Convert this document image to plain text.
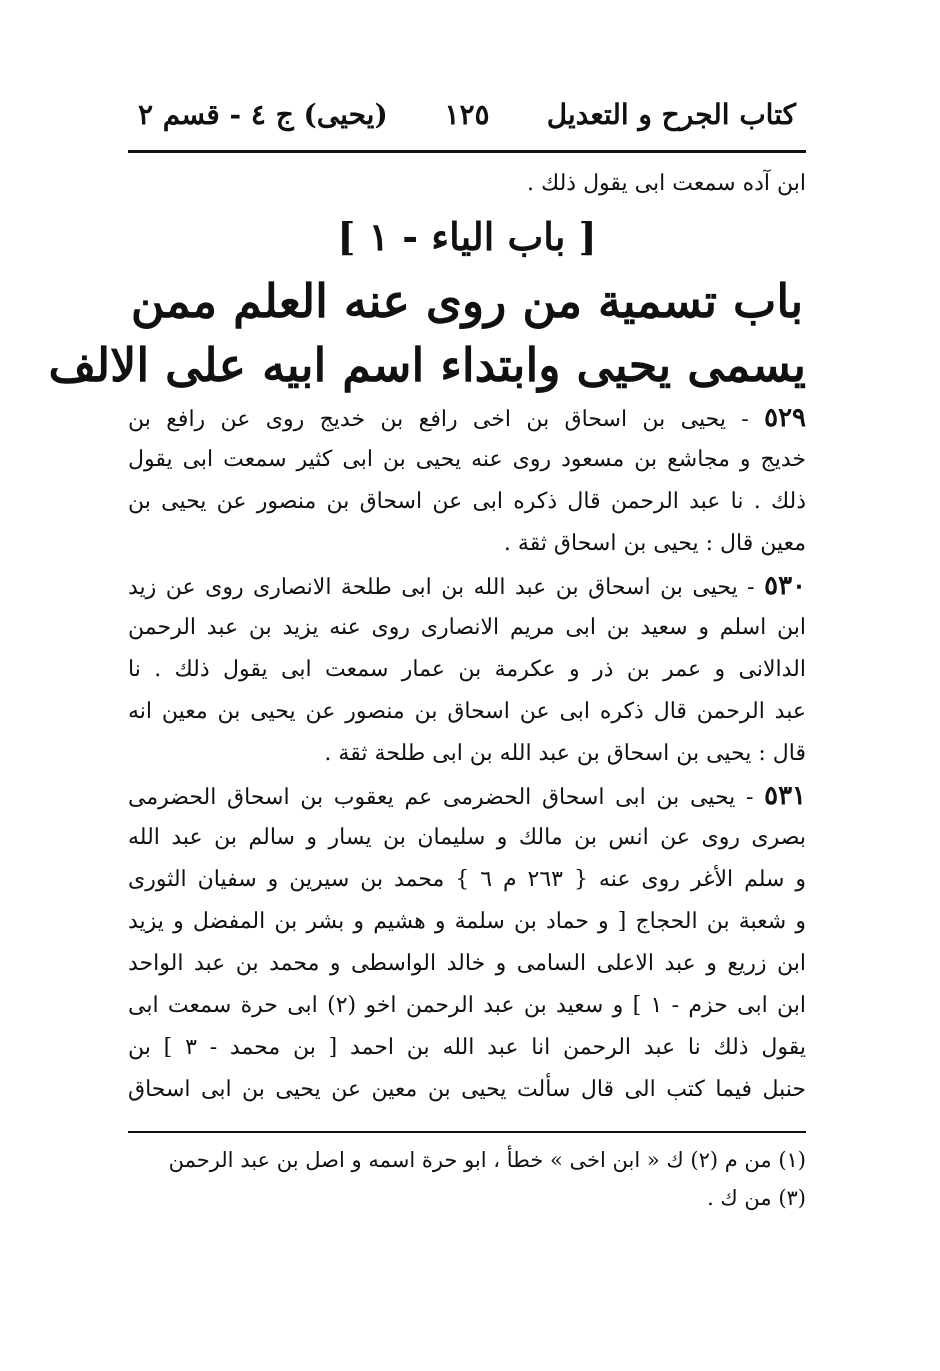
كتاب الجرح و التعديل
١٢٥
(يحيى) ج ٤ - قسم ٢
ابن آده سمعت ابى يقول ذلك .
[ باب الياء - ١ ]
باب تسمية من روى عنه العلم ممن
يسمى يحيى وابتداء اسم ابيه على الالف
٥٢٩ - يحيى بن اسحاق بن اخى رافع بن خديج روى عن رافع بن
خديج و مجاشع بن مسعود روى عنه يحيى بن ابى كثير سمعت ابى يقول
ذلك . نا عبد الرحمن قال ذكره ابى عن اسحاق بن منصور عن يحيى بن
معين قال : يحيى بن اسحاق ثقة .
٥٣٠ - يحيى بن اسحاق بن عبد الله بن ابى طلحة الانصارى روى عن زيد
ابن اسلم و سعيد بن ابى مريم الانصارى روى عنه يزيد بن عبد الرحمن
الدالانى و عمر بن ذر و عكرمة بن عمار سمعت ابى يقول ذلك . نا
عبد الرحمن قال ذكره ابى عن اسحاق بن منصور عن يحيى بن معين انه
قال : يحيى بن اسحاق بن عبد الله بن ابى طلحة ثقة .
٥٣١ - يحيى بن ابى اسحاق الحضرمى عم يعقوب بن اسحاق الحضرمى
بصرى روى عن انس بن مالك و سليمان بن يسار و سالم بن عبد الله
و سلم الأغر روى عنه { ٢٦٣ م ٦ } محمد بن سيرين و سفيان الثورى
و شعبة بن الحجاج [ و حماد بن سلمة و هشيم و بشر بن المفضل و يزيد
ابن زريع و عبد الاعلى السامى و خالد الواسطى و محمد بن عبد الواحد
ابن ابى حزم - ١ ] و سعيد بن عبد الرحمن اخو (٢) ابى حرة سمعت ابى
يقول ذلك نا عبد الرحمن انا عبد الله بن احمد [ بن محمد - ٣ ] بن
حنبل فيما كتب الى قال سألت يحيى بن معين عن يحيى بن ابى اسحاق
(١) من م (٢) ك « ابن اخى » خطأ ، ابو حرة اسمه و اصل بن عبد الرحمن
(٣) من ك .
